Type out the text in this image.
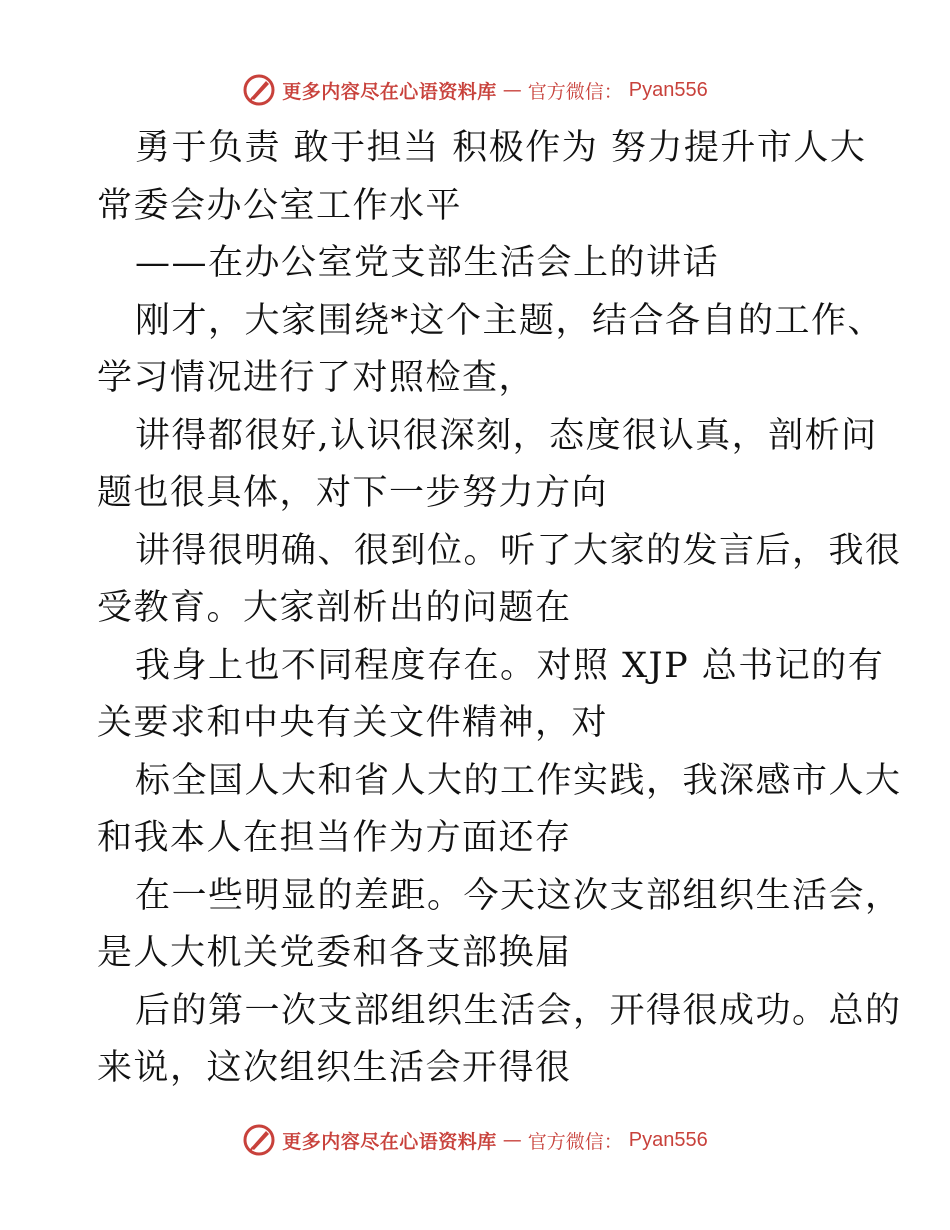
更多内容尽在心语资料库 — 官方微信： Pyan556
勇于负责 敢于担当 积极作为 努力提升市人大
常委会办公室工作水平
——在办公室党支部生活会上的讲话
刚才，大家围绕*这个主题，结合各自的工作、
学习情况进行了对照检查，
讲得都很好,认识很深刻，态度很认真，剖析问
题也很具体，对下一步努力方向
讲得很明确、很到位。听了大家的发言后，我很
受教育。大家剖析出的问题在
我身上也不同程度存在。对照 XJP 总书记的有
关要求和中央有关文件精神，对
标全国人大和省人大的工作实践，我深感市人大
和我本人在担当作为方面还存
在一些明显的差距。今天这次支部组织生活会，
是人大机关党委和各支部换届
后的第一次支部组织生活会，开得很成功。总的
来说，这次组织生活会开得很
更多内容尽在心语资料库 — 官方微信： Pyan556
